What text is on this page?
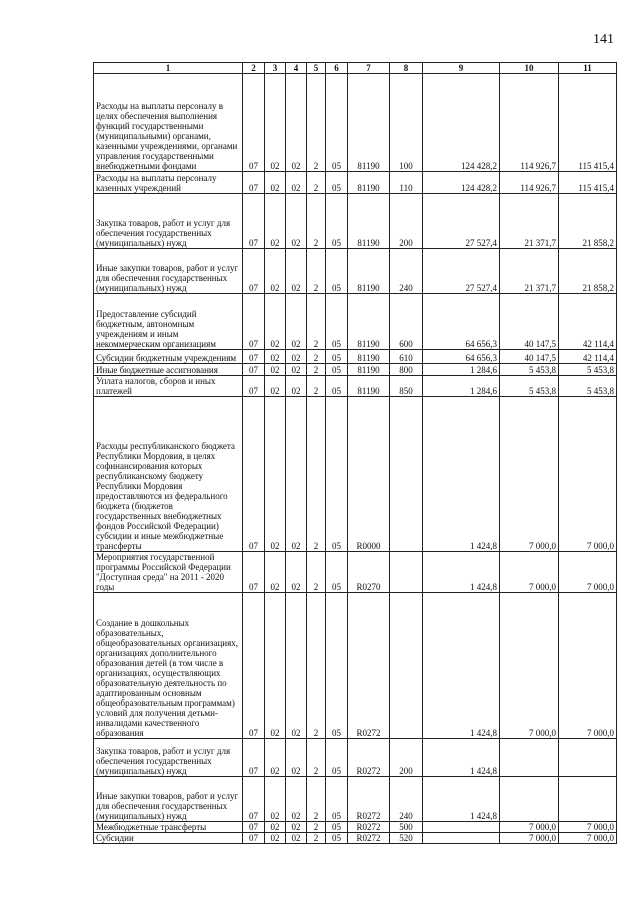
141
1	2	3	4	5	6	7	8	9	10	11
Расходы на выплаты персоналу в целях обеспечения выполнения функций государственными (муниципальными) органами, казенными учреждениями, органами управления государственными внебюджетными фондами	07	02	02	2	05	81190	100	124 428,2	114 926,7	115 415,4
Расходы на выплаты персоналу казенных учреждений	07	02	02	2	05	81190	110	124 428,2	114 926,7	115 415,4
Закупка товаров, работ и услуг для обеспечения государственных (муниципальных) нужд	07	02	02	2	05	81190	200	27 527,4	21 371,7	21 858,2
Иные закупки товаров, работ и услуг для обеспечения государственных (муниципальных) нужд	07	02	02	2	05	81190	240	27 527,4	21 371,7	21 858,2
Предоставление субсидий бюджетным, автономным учреждениям и иным некоммерческим организациям	07	02	02	2	05	81190	600	64 656,3	40 147,5	42 114,4
Субсидии бюджетным учреждениям	07	02	02	2	05	81190	610	64 656,3	40 147,5	42 114,4
Иные бюджетные ассигнования	07	02	02	2	05	81190	800	1 284,6	5 453,8	5 453,8
Уплата налогов, сборов и иных платежей	07	02	02	2	05	81190	850	1 284,6	5 453,8	5 453,8
Расходы республиканского бюджета Республики Мордовия, в целях софинансирования которых республиканскому бюджету Республики Мордовия предоставляются из федерального бюджета (бюджетов государственных внебюджетных фондов Российской Федерации) субсидии и иные межбюджетные трансферты	07	02	02	2	05	R0000		1 424,8	7 000,0	7 000,0
Мероприятия государственной программы Российской Федерации "Доступная среда" на 2011 - 2020 годы	07	02	02	2	05	R0270		1 424,8	7 000,0	7 000,0
Создание в дошкольных образовательных, общеобразовательных организациях, организациях дополнительного образования детей (в том числе в организациях, осуществляющих образовательную деятельность по адаптированным основным общеобразовательным программам) условий для получения детьми-инвалидами качественного образования	07	02	02	2	05	R0272		1 424,8	7 000,0	7 000,0
Закупка товаров, работ и услуг для обеспечения государственных (муниципальных) нужд	07	02	02	2	05	R0272	200	1 424,8		
Иные закупки товаров, работ и услуг для обеспечения государственных (муниципальных) нужд	07	02	02	2	05	R0272	240	1 424,8		
Межбюджетные трансферты	07	02	02	2	05	R0272	500		7 000,0	7 000,0
Субсидии	07	02	02	2	05	R0272	520		7 000,0	7 000,0
